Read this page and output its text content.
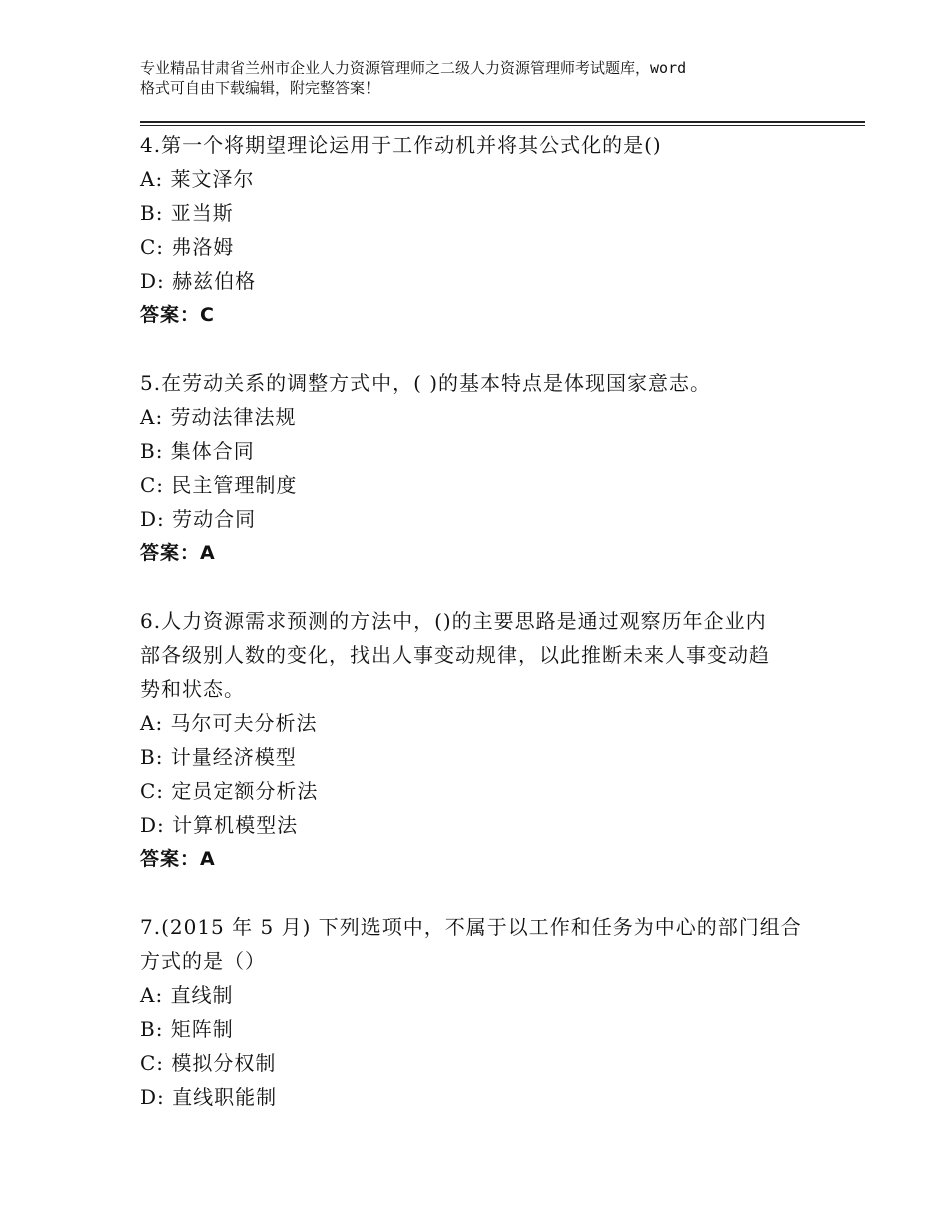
专业精品甘肃省兰州市企业人力资源管理师之二级人力资源管理师考试题库，word
格式可自由下载编辑，附完整答案！

4.第一个将期望理论运用于工作动机并将其公式化的是()

A: 莱文泽尔

B: 亚当斯

C: 弗洛姆

D: 赫兹伯格

答案：C

5.在劳动关系的调整方式中，( )的基本特点是体现国家意志。

A: 劳动法律法规

B: 集体合同

C: 民主管理制度

D: 劳动合同

答案：A

6.人力资源需求预测的方法中，()的主要思路是通过观察历年企业内

部各级别人数的变化，找出人事变动规律，以此推断未来人事变动趋

势和状态。

A: 马尔可夫分析法

B: 计量经济模型

C: 定员定额分析法

D: 计算机模型法

答案：A

7.(2015 年 5 月) 下列选项中，不属于以工作和任务为中心的部门组合

方式的是（）

A: 直线制

B: 矩阵制

C: 模拟分权制

D: 直线职能制
